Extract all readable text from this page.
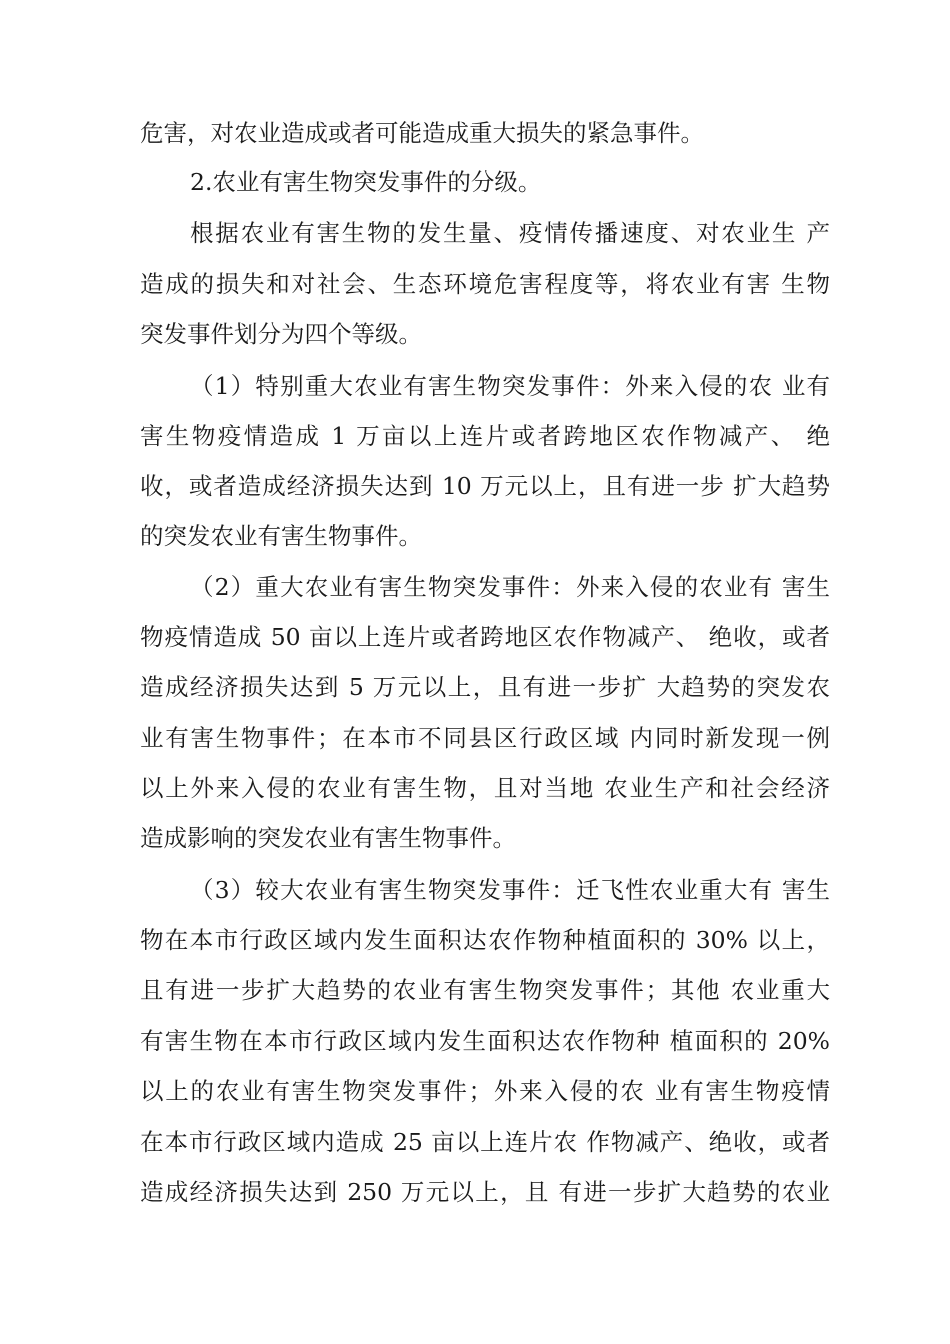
危害，对农业造成或者可能造成重大损失的紧急事件。
2.农业有害生物突发事件的分级。
根据农业有害生物的发生量、疫情传播速度、对农业生 产
造成的损失和对社会、生态环境危害程度等，将农业有害 生物
突发事件划分为四个等级。
（1）特别重大农业有害生物突发事件：外来入侵的农 业有
害生物疫情造成 1 万亩以上连片或者跨地区农作物减产、 绝
收，或者造成经济损失达到 10 万元以上，且有进一步 扩大趋势
的突发农业有害生物事件。
（2）重大农业有害生物突发事件：外来入侵的农业有 害生
物疫情造成 50 亩以上连片或者跨地区农作物减产、 绝收，或者
造成经济损失达到 5 万元以上，且有进一步扩 大趋势的突发农
业有害生物事件；在本市不同县区行政区域 内同时新发现一例
以上外来入侵的农业有害生物，且对当地 农业生产和社会经济
造成影响的突发农业有害生物事件。
（3）较大农业有害生物突发事件：迁飞性农业重大有 害生
物在本市行政区域内发生面积达农作物种植面积的 30% 以上，
且有进一步扩大趋势的农业有害生物突发事件；其他 农业重大
有害生物在本市行政区域内发生面积达农作物种 植面积的 20%
以上的农业有害生物突发事件；外来入侵的农 业有害生物疫情
在本市行政区域内造成 25 亩以上连片农 作物减产、绝收，或者
造成经济损失达到 250 万元以上，且 有进一步扩大趋势的农业
